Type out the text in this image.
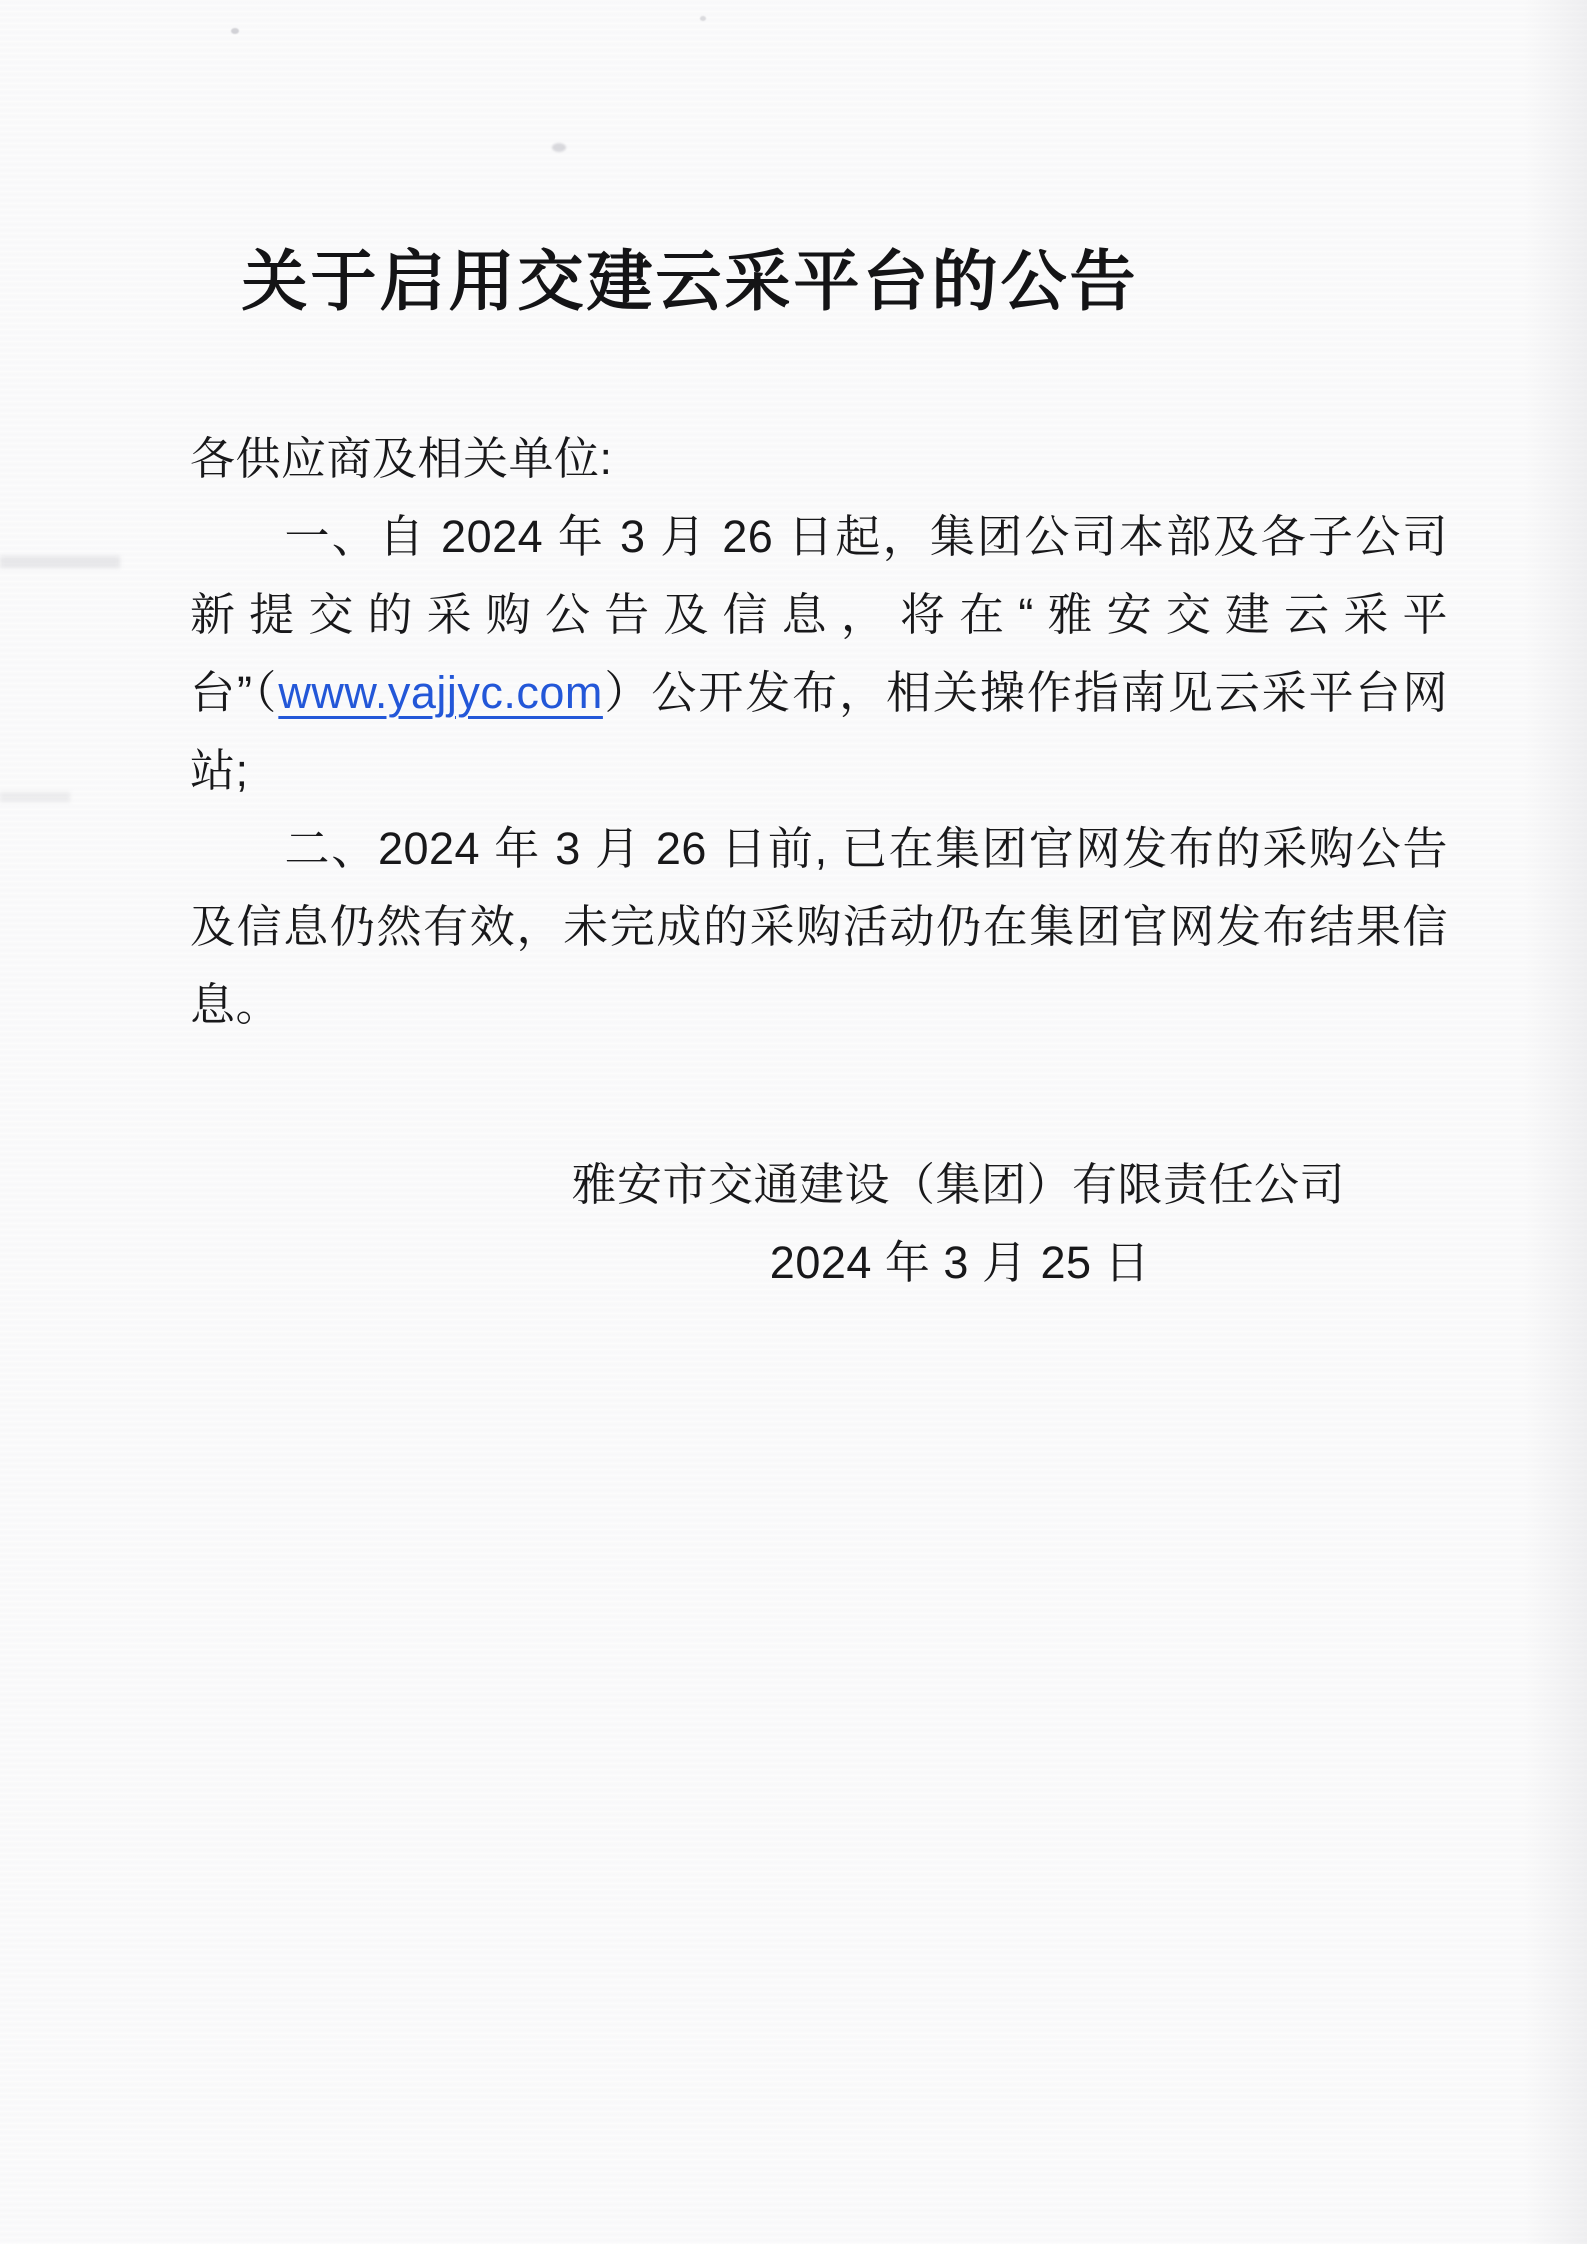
关于启用交建云采平台的公告

各供应商及相关单位:

一、自 2024 年 3 月 26 日起，集团公司本部及各子公司新提交的采购公告及信息，将在“雅安交建云采平台”（www.yajjyc.com）公开发布，相关操作指南见云采平台网站;

二、2024 年 3 月 26 日前, 已在集团官网发布的采购公告及信息仍然有效，未完成的采购活动仍在集团官网发布结果信息。

雅安市交通建设（集团）有限责任公司

2024 年 3 月 25 日
